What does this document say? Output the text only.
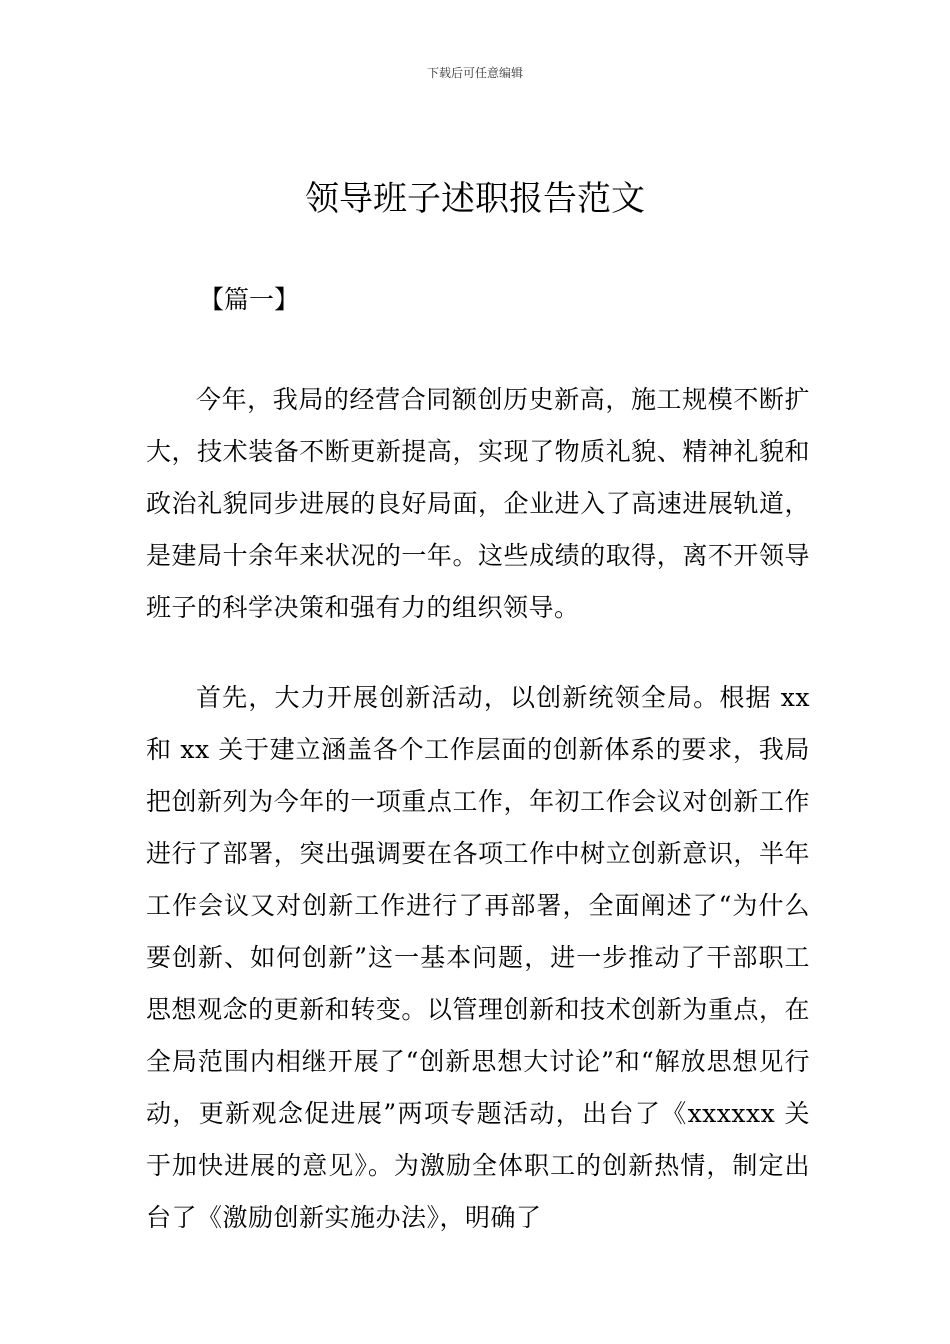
下载后可任意编辑
领导班子述职报告范文
【篇一】

今年，我局的经营合同额创历史新高，施工规模不断扩大，技术装备不断更新提高，实现了物质礼貌、精神礼貌和政治礼貌同步进展的良好局面，企业进入了高速进展轨道，是建局十余年来状况的一年。这些成绩的取得，离不开领导班子的科学决策和强有力的组织领导。

首先，大力开展创新活动，以创新统领全局。根据 xx 和 xx 关于建立涵盖各个工作层面的创新体系的要求，我局把创新列为今年的一项重点工作，年初工作会议对创新工作进行了部署，突出强调要在各项工作中树立创新意识，半年工作会议又对创新工作进行了再部署，全面阐述了“为什么要创新、如何创新”这一基本问题，进一步推动了干部职工思想观念的更新和转变。以管理创新和技术创新为重点，在全局范围内相继开展了“创新思想大讨论”和“解放思想见行动，更新观念促进展”两项专题活动，出台了《xxxxxx 关于加快进展的意见》。为激励全体职工的创新热情，制定出台了《激励创新实施办法》，明确了
